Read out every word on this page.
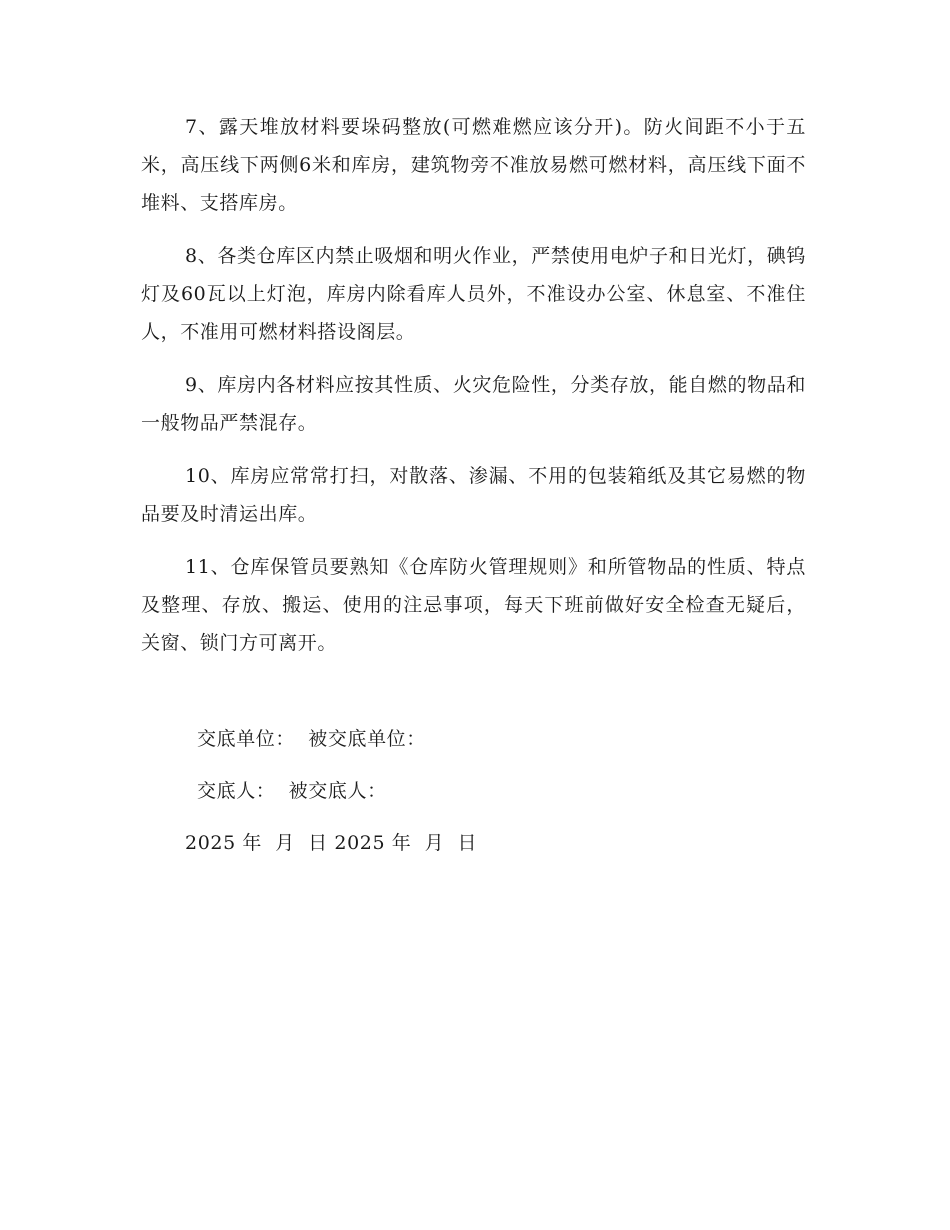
7、露天堆放材料要垛码整放(可燃难燃应该分开)。防火间距不小于五米，高压线下两侧6米和库房，建筑物旁不准放易燃可燃材料，高压线下面不堆料、支搭库房。

8、各类仓库区内禁止吸烟和明火作业，严禁使用电炉子和日光灯，碘钨灯及60瓦以上灯泡，库房内除看库人员外，不准设办公室、休息室、不准住人，不准用可燃材料搭设阁层。

9、库房内各材料应按其性质、火灾危险性，分类存放，能自燃的物品和一般物品严禁混存。

10、库房应常常打扫，对散落、渗漏、不用的包装箱纸及其它易燃的物品要及时清运出库。

11、仓库保管员要熟知《仓库防火管理规则》和所管物品的性质、特点及整理、存放、搬运、使用的注忌事项，每天下班前做好安全检查无疑后，关窗、锁门方可离开。

交底单位：  被交底单位：
交底人：  被交底人：
2025 年  月  日 2025 年  月  日
